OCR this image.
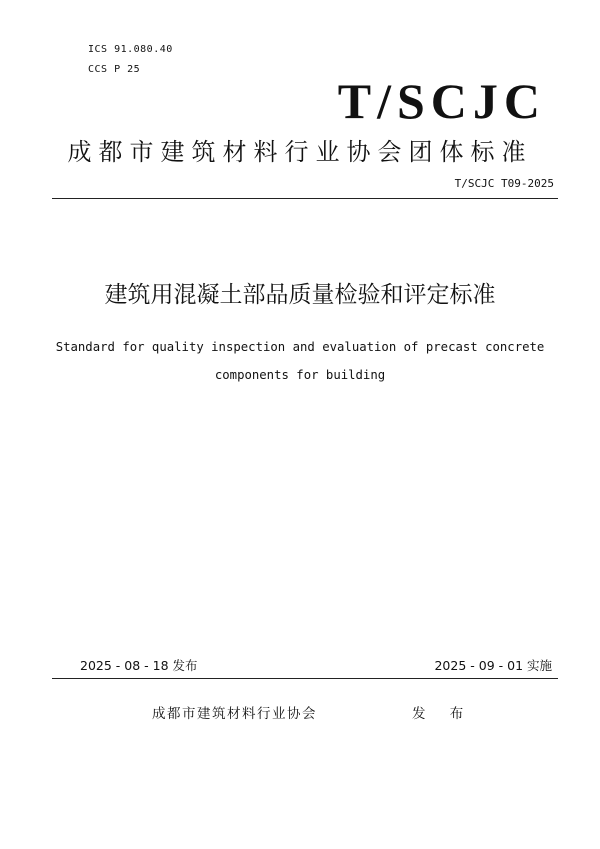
ICS 91.080.40
CCS P 25
T/SCJC
成都市建筑材料行业协会团体标准
T/SCJC T09-2025
建筑用混凝土部品质量检验和评定标准
Standard for quality inspection and evaluation of precast concrete
components for building
2025 - 08 - 18 发布	2025 - 09 - 01 实施
成都市建筑材料行业协会	发 布
